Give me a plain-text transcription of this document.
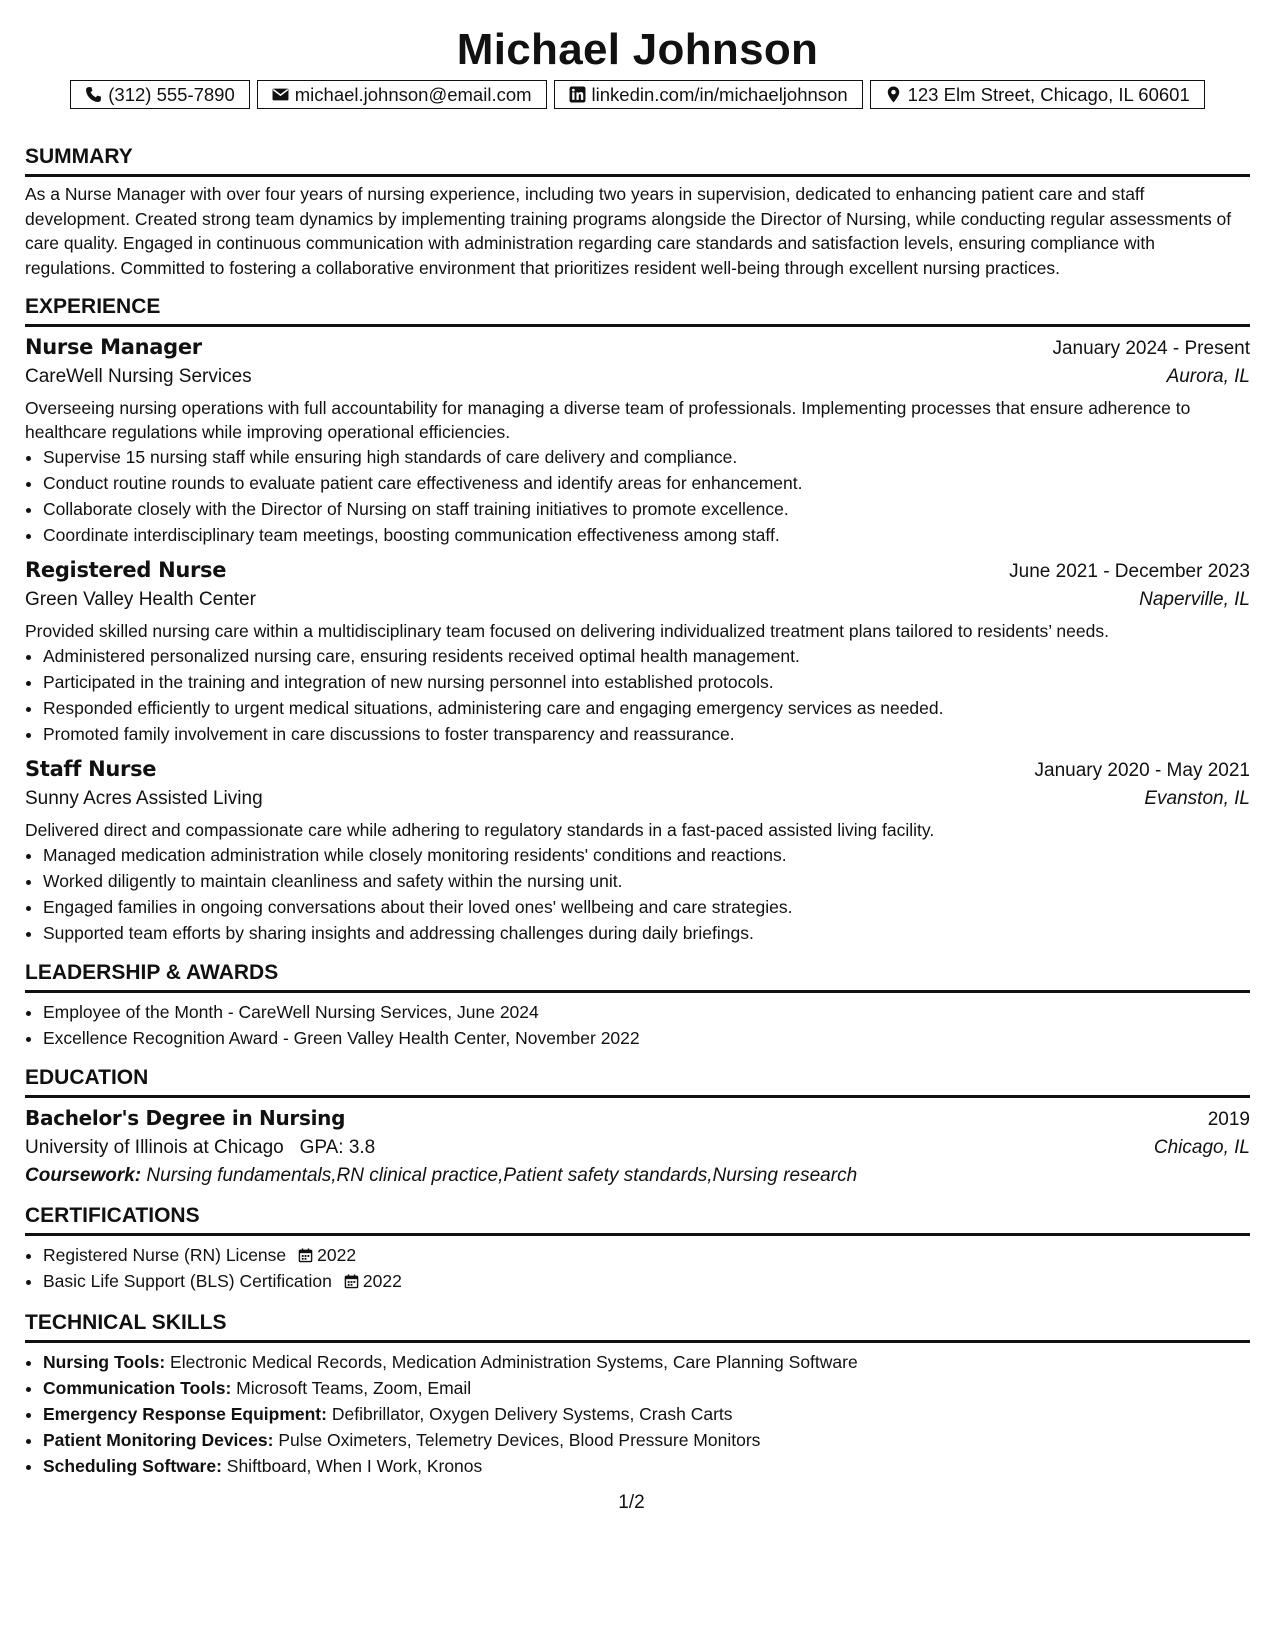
Michael Johnson
(312) 555-7890	michael.johnson@email.com	linkedin.com/in/michaeljohnson	123 Elm Street, Chicago, IL 60601
SUMMARY
As a Nurse Manager with over four years of nursing experience, including two years in supervision, dedicated to enhancing patient care and staff development. Created strong team dynamics by implementing training programs alongside the Director of Nursing, while conducting regular assessments of care quality. Engaged in continuous communication with administration regarding care standards and satisfaction levels, ensuring compliance with regulations. Committed to fostering a collaborative environment that prioritizes resident well-being through excellent nursing practices.
EXPERIENCE
Nurse Manager	January 2024 - Present
CareWell Nursing Services	Aurora, IL
Overseeing nursing operations with full accountability for managing a diverse team of professionals. Implementing processes that ensure adherence to healthcare regulations while improving operational efficiencies.
• Supervise 15 nursing staff while ensuring high standards of care delivery and compliance.
• Conduct routine rounds to evaluate patient care effectiveness and identify areas for enhancement.
• Collaborate closely with the Director of Nursing on staff training initiatives to promote excellence.
• Coordinate interdisciplinary team meetings, boosting communication effectiveness among staff.
Registered Nurse	June 2021 - December 2023
Green Valley Health Center	Naperville, IL
Provided skilled nursing care within a multidisciplinary team focused on delivering individualized treatment plans tailored to residents’ needs.
• Administered personalized nursing care, ensuring residents received optimal health management.
• Participated in the training and integration of new nursing personnel into established protocols.
• Responded efficiently to urgent medical situations, administering care and engaging emergency services as needed.
• Promoted family involvement in care discussions to foster transparency and reassurance.
Staff Nurse	January 2020 - May 2021
Sunny Acres Assisted Living	Evanston, IL
Delivered direct and compassionate care while adhering to regulatory standards in a fast-paced assisted living facility.
• Managed medication administration while closely monitoring residents' conditions and reactions.
• Worked diligently to maintain cleanliness and safety within the nursing unit.
• Engaged families in ongoing conversations about their loved ones' wellbeing and care strategies.
• Supported team efforts by sharing insights and addressing challenges during daily briefings.
LEADERSHIP & AWARDS
• Employee of the Month - CareWell Nursing Services, June 2024
• Excellence Recognition Award - Green Valley Health Center, November 2022
EDUCATION
Bachelor's Degree in Nursing	2019
University of Illinois at Chicago GPA: 3.8	Chicago, IL
Coursework: Nursing fundamentals,RN clinical practice,Patient safety standards,Nursing research
CERTIFICATIONS
• Registered Nurse (RN) License 2022
• Basic Life Support (BLS) Certification 2022
TECHNICAL SKILLS
• Nursing Tools: Electronic Medical Records, Medication Administration Systems, Care Planning Software
• Communication Tools: Microsoft Teams, Zoom, Email
• Emergency Response Equipment: Defibrillator, Oxygen Delivery Systems, Crash Carts
• Patient Monitoring Devices: Pulse Oximeters, Telemetry Devices, Blood Pressure Monitors
• Scheduling Software: Shiftboard, When I Work, Kronos
1/2
